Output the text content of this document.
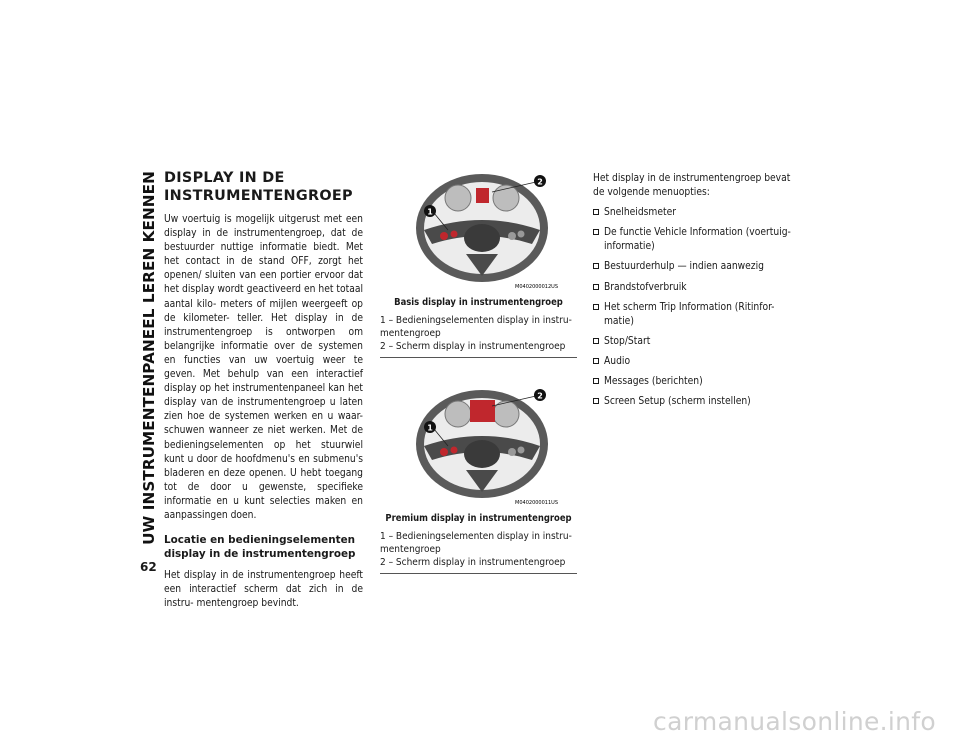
UW INSTRUMENTENPANEEL LEREN KENNEN
62
DISPLAY IN DE INSTRUMENTENGROEP

Uw voertuig is mogelijk uitgerust met een display in de instrumentengroep, dat de bestuurder nuttige informatie biedt. Met het contact in de stand OFF, zorgt het openen/ sluiten van een portier ervoor dat het display wordt geactiveerd en het totaal aantal kilo- meters of mijlen weergeeft op de kilometer- teller. Het display in de instrumentengroep is ontworpen om belangrijke informatie over de systemen en functies van uw voertuig weer te geven. Met behulp van een interactief display op het instrumentenpaneel kan het display van de instrumentengroep u laten zien hoe de systemen werken en u waar- schuwen wanneer ze niet werken. Met de bedieningselementen op het stuurwiel kunt u door de hoofdmenu's en submenu's bladeren en deze openen. U hebt toegang tot de door u gewenste, specifieke informatie en u kunt selecties maken en aanpassingen doen.

Locatie en bedieningselementen display in de instrumentengroep

Het display in de instrumentengroep heeft een interactief scherm dat zich in de instru- mentengroep bevindt.

1
2
M0402000012US
Basis display in instrumentengroep
1 – Bedieningselementen display in instru- mentengroep
2 – Scherm display in instrumentengroep
1
2
M0402000011US
Premium display in instrumentengroep
1 – Bedieningselementen display in instru- mentengroep
2 – Scherm display in instrumentengroep
Het display in de instrumentengroep bevat de volgende menuopties:
Snelheidsmeter
De functie Vehicle Information (voertuig- informatie)
Bestuurderhulp — indien aanwezig
Brandstofverbruik
Het scherm Trip Information (Ritinfor- matie)
Stop/Start
Audio
Messages (berichten)
Screen Setup (scherm instellen)
carmanualsonline.info
